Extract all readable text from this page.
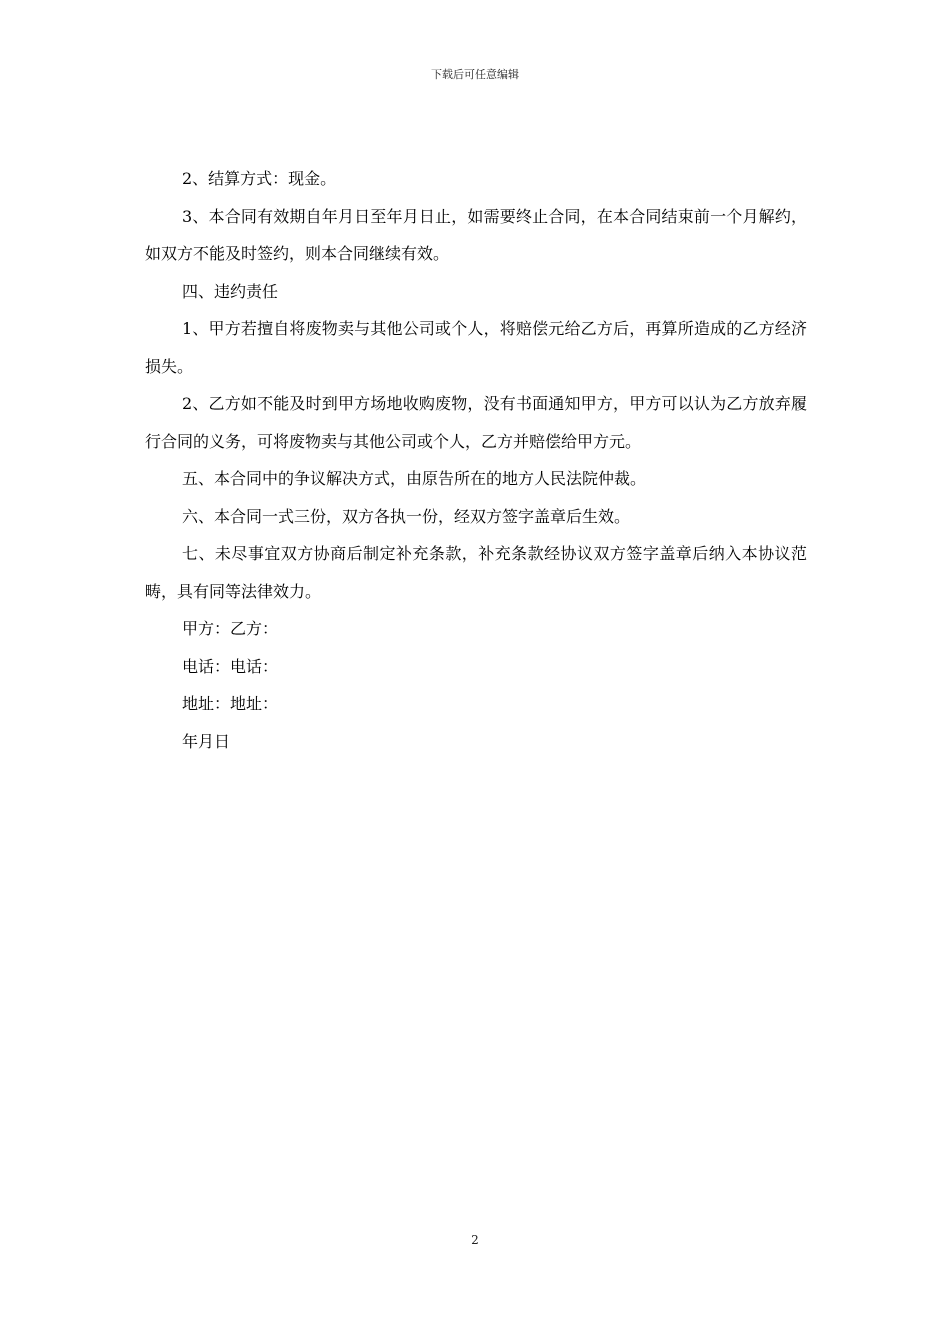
下载后可任意编辑

2、结算方式：现金。

3、本合同有效期自年月日至年月日止，如需要终止合同，在本合同结束前一个月解约，如双方不能及时签约，则本合同继续有效。

四、违约责任

1、甲方若擅自将废物卖与其他公司或个人，将赔偿元给乙方后，再算所造成的乙方经济损失。

2、乙方如不能及时到甲方场地收购废物，没有书面通知甲方，甲方可以认为乙方放弃履行合同的义务，可将废物卖与其他公司或个人，乙方并赔偿给甲方元。

五、本合同中的争议解决方式，由原告所在的地方人民法院仲裁。

六、本合同一式三份，双方各执一份，经双方签字盖章后生效。

七、未尽事宜双方协商后制定补充条款，补充条款经协议双方签字盖章后纳入本协议范畴，具有同等法律效力。

甲方：乙方：

电话：电话：

地址：地址：

年月日

2
